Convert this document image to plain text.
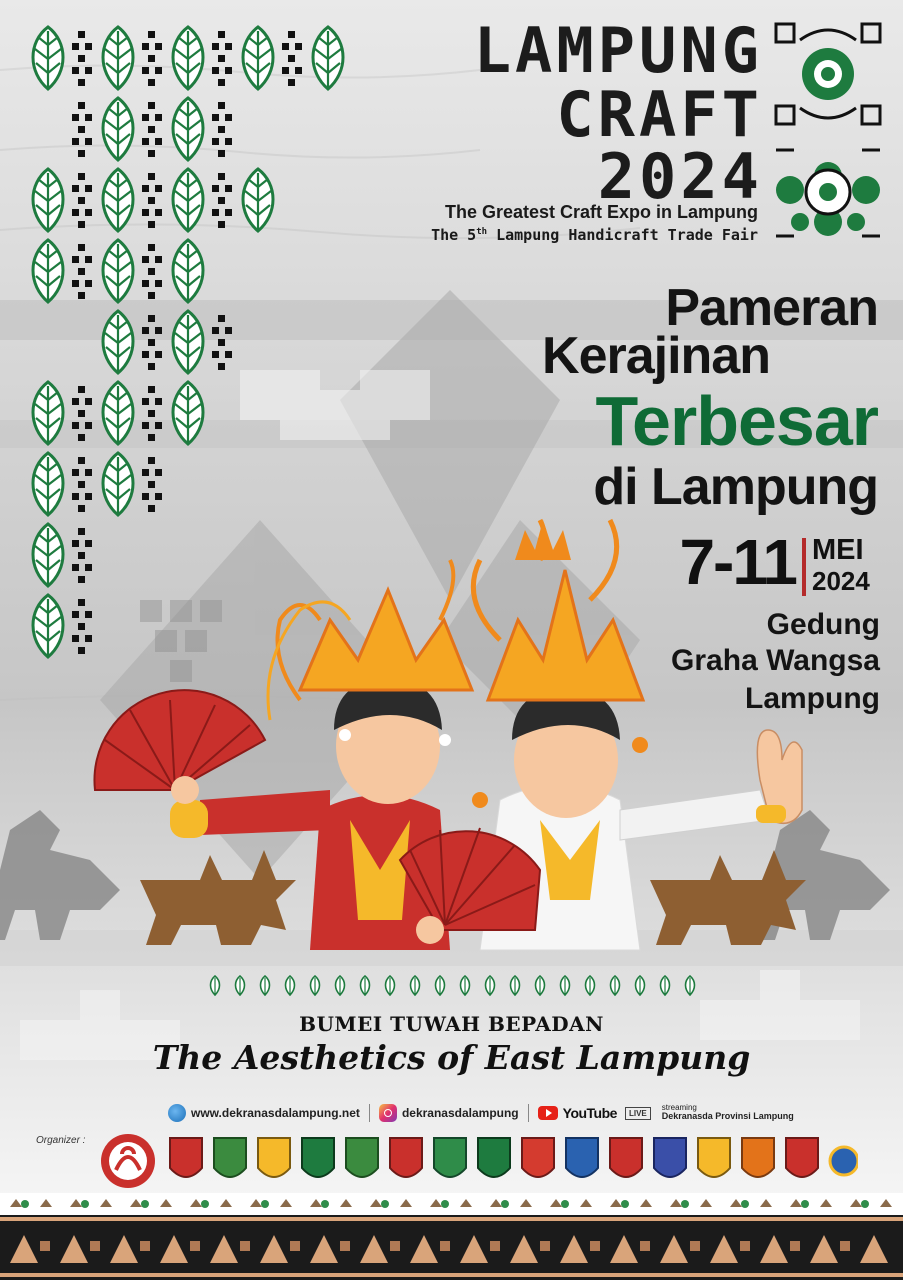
LAMPUNG
CRAFT
2024
The Greatest Craft Expo in Lampung
The 5th Lampung Handicraft Trade Fair
Pameran
Kerajinan
Terbesar
di Lampung
7-11 MEI
2024
Gedung
Graha Wangsa
Lampung
BUMEI TUWAH BEPADAN
The Aesthetics of East Lampung
www.dekranasdalampung.net	dekranasdalampung	YouTube	LIVE
streaming
Dekranasda Provinsi Lampung
Organizer :
